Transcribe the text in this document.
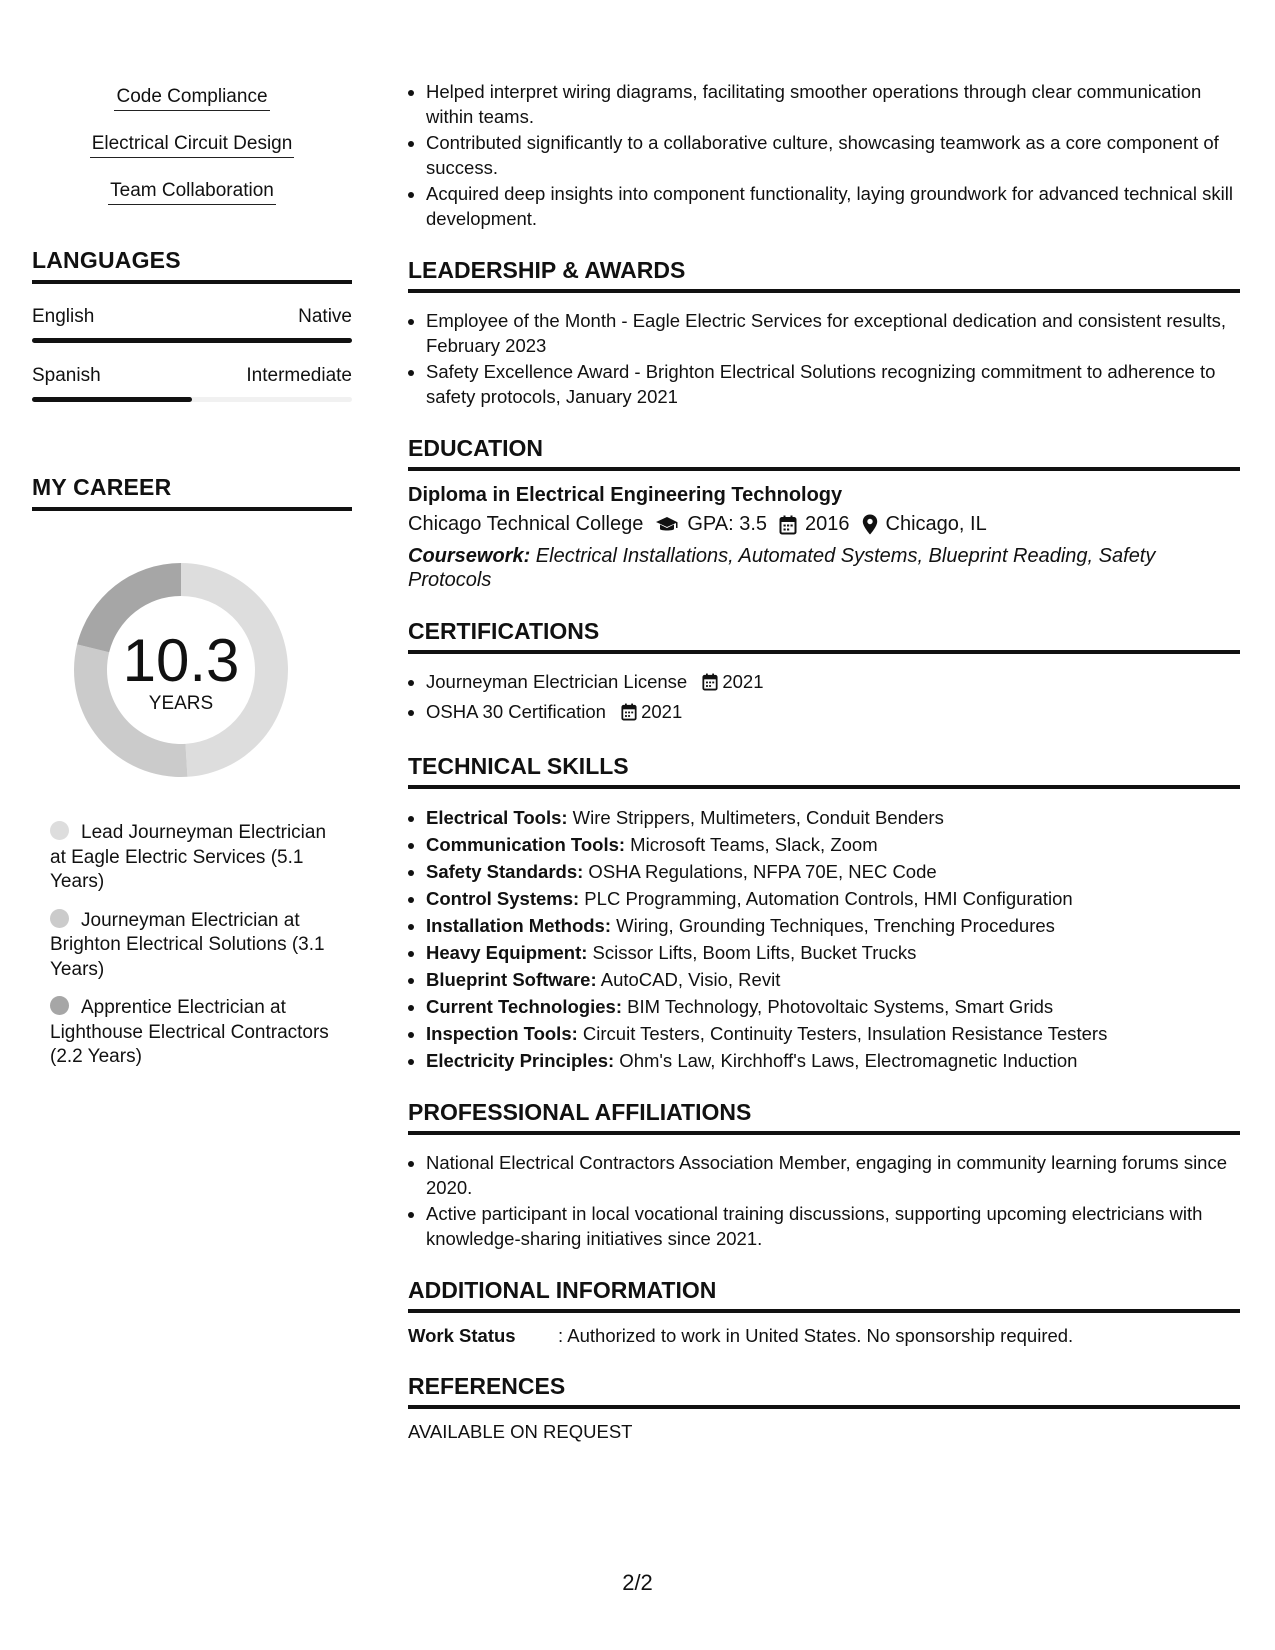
Code Compliance
Electrical Circuit Design
Team Collaboration
LANGUAGES
English	Native
Spanish	Intermediate
MY CAREER
10.3
YEARS
Lead Journeyman Electrician at Eagle Electric Services (5.1 Years)
Journeyman Electrician at Brighton Electrical Solutions (3.1 Years)
Apprentice Electrician at Lighthouse Electrical Contractors (2.2 Years)
• Helped interpret wiring diagrams, facilitating smoother operations through clear communication within teams.
• Contributed significantly to a collaborative culture, showcasing teamwork as a core component of success.
• Acquired deep insights into component functionality, laying groundwork for advanced technical skill development.
LEADERSHIP & AWARDS
• Employee of the Month - Eagle Electric Services for exceptional dedication and consistent results, February 2023
• Safety Excellence Award - Brighton Electrical Solutions recognizing commitment to adherence to safety protocols, January 2021
EDUCATION
Diploma in Electrical Engineering Technology
Chicago Technical College GPA: 3.5 2016 Chicago, IL
Coursework: Electrical Installations, Automated Systems, Blueprint Reading, Safety Protocols
CERTIFICATIONS
• Journeyman Electrician License 2021
• OSHA 30 Certification 2021
TECHNICAL SKILLS
• Electrical Tools: Wire Strippers, Multimeters, Conduit Benders
• Communication Tools: Microsoft Teams, Slack, Zoom
• Safety Standards: OSHA Regulations, NFPA 70E, NEC Code
• Control Systems: PLC Programming, Automation Controls, HMI Configuration
• Installation Methods: Wiring, Grounding Techniques, Trenching Procedures
• Heavy Equipment: Scissor Lifts, Boom Lifts, Bucket Trucks
• Blueprint Software: AutoCAD, Visio, Revit
• Current Technologies: BIM Technology, Photovoltaic Systems, Smart Grids
• Inspection Tools: Circuit Testers, Continuity Testers, Insulation Resistance Testers
• Electricity Principles: Ohm's Law, Kirchhoff's Laws, Electromagnetic Induction
PROFESSIONAL AFFILIATIONS
• National Electrical Contractors Association Member, engaging in community learning forums since 2020.
• Active participant in local vocational training discussions, supporting upcoming electricians with knowledge-sharing initiatives since 2021.
ADDITIONAL INFORMATION
Work Status	: Authorized to work in United States. No sponsorship required.
REFERENCES
AVAILABLE ON REQUEST
2/2
